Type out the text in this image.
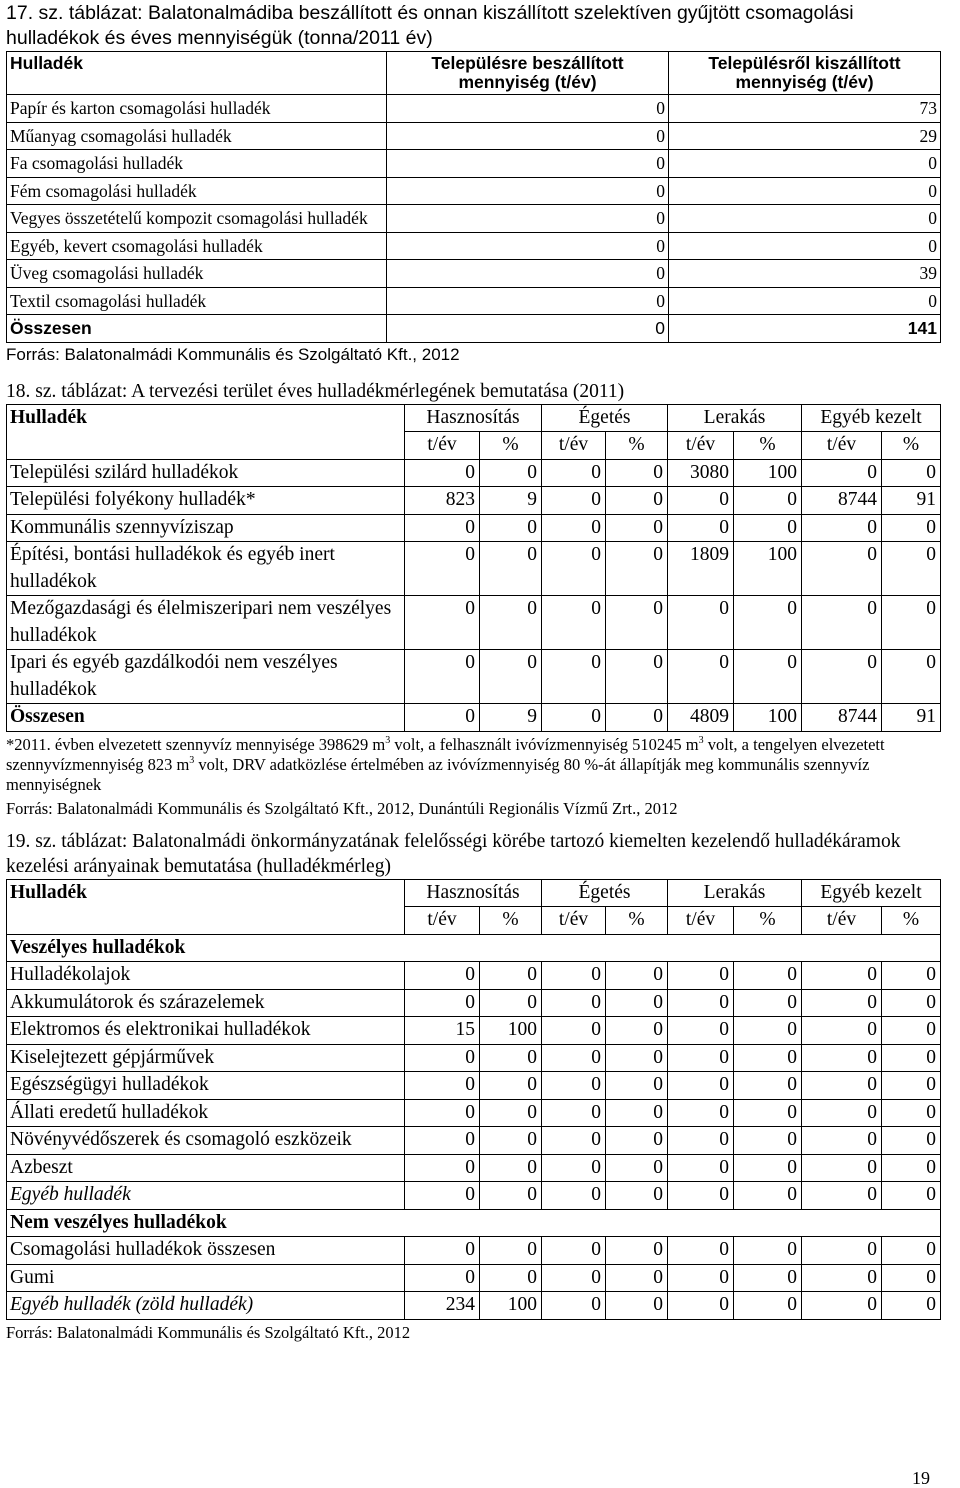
17. sz. táblázat: Balatonalmádiba beszállított és onnan kiszállított szelektíven gyűjtött csomagolási hulladékok és éves mennyiségük (tonna/2011 év)

Hulladék	Településre beszállított mennyiség (t/év)	Településről kiszállított mennyiség (t/év)
Papír és karton csomagolási hulladék	0	73
Műanyag csomagolási hulladék	0	29
Fa csomagolási hulladék	0	0
Fém csomagolási hulladék	0	0
Vegyes összetételű kompozit csomagolási hulladék	0	0
Egyéb, kevert csomagolási hulladék	0	0
Üveg csomagolási hulladék	0	39
Textil csomagolási hulladék	0	0
Összesen	0	141

Forrás: Balatonalmádi Kommunális és Szolgáltató Kft., 2012

18. sz. táblázat: A tervezési terület éves hulladékmérlegének bemutatása (2011)

Hulladék	Hasznosítás		Égetés		Lerakás		Egyéb kezelt	
	t/év	%	t/év	%	t/év	%	t/év	%
Települési szilárd hulladékok	0	0	0	0	3080	100	0	0
Települési folyékony hulladék*	823	9	0	0	0	0	8744	91
Kommunális szennyvíziszap	0	0	0	0	0	0	0	0
Építési, bontási hulladékok és egyéb inert hulladékok	0	0	0	0	1809	100	0	0
Mezőgazdasági és élelmiszeripari nem veszélyes hulladékok	0	0	0	0	0	0	0	0
Ipari és egyéb gazdálkodói nem veszélyes hulladékok	0	0	0	0	0	0	0	0
Összesen	0	9	0	0	4809	100	8744	91

*2011. évben elvezetett szennyvíz mennyisége 398629 $m^3$ volt, a felhasznált ivóvízmennyiség 510245 $m^3$ volt, a tengelyen elvezetett szennyvízmennyiség 823 $m^3$ volt, DRV adatközlése értelmében az ivóvízmennyiség 80 %-át állapítják meg kommunális szennyvíz mennyiségnek

Forrás: Balatonalmádi Kommunális és Szolgáltató Kft., 2012, Dunántúli Regionális Vízmű Zrt., 2012

19. sz. táblázat: Balatonalmádi önkormányzatának felelősségi körébe tartozó kiemelten kezelendő hulladékáramok kezelési arányainak bemutatása (hulladékmérleg)

Hulladék	Hasznosítás		Égetés		Lerakás		Egyéb kezelt	
	t/év	%	t/év	%	t/év	%	t/év	%
Veszélyes hulladékok								
Hulladékolajok	0	0	0	0	0	0	0	0
Akkumulátorok és szárazelemek	0	0	0	0	0	0	0	0
Elektromos és elektronikai hulladékok	15	100	0	0	0	0	0	0
Kiselejtezett gépjárművek	0	0	0	0	0	0	0	0
Egészségügyi hulladékok	0	0	0	0	0	0	0	0
Állati eredetű hulladékok	0	0	0	0	0	0	0	0
Növényvédőszerek és csomagoló eszközeik	0	0	0	0	0	0	0	0
Azbeszt	0	0	0	0	0	0	0	0
Egyéb hulladék	0	0	0	0	0	0	0	0
Nem veszélyes hulladékok								
Csomagolási hulladékok összesen	0	0	0	0	0	0	0	0
Gumi	0	0	0	0	0	0	0	0
Egyéb hulladék (zöld hulladék)	234	100	0	0	0	0	0	0

Forrás: Balatonalmádi Kommunális és Szolgáltató Kft., 2012

19
